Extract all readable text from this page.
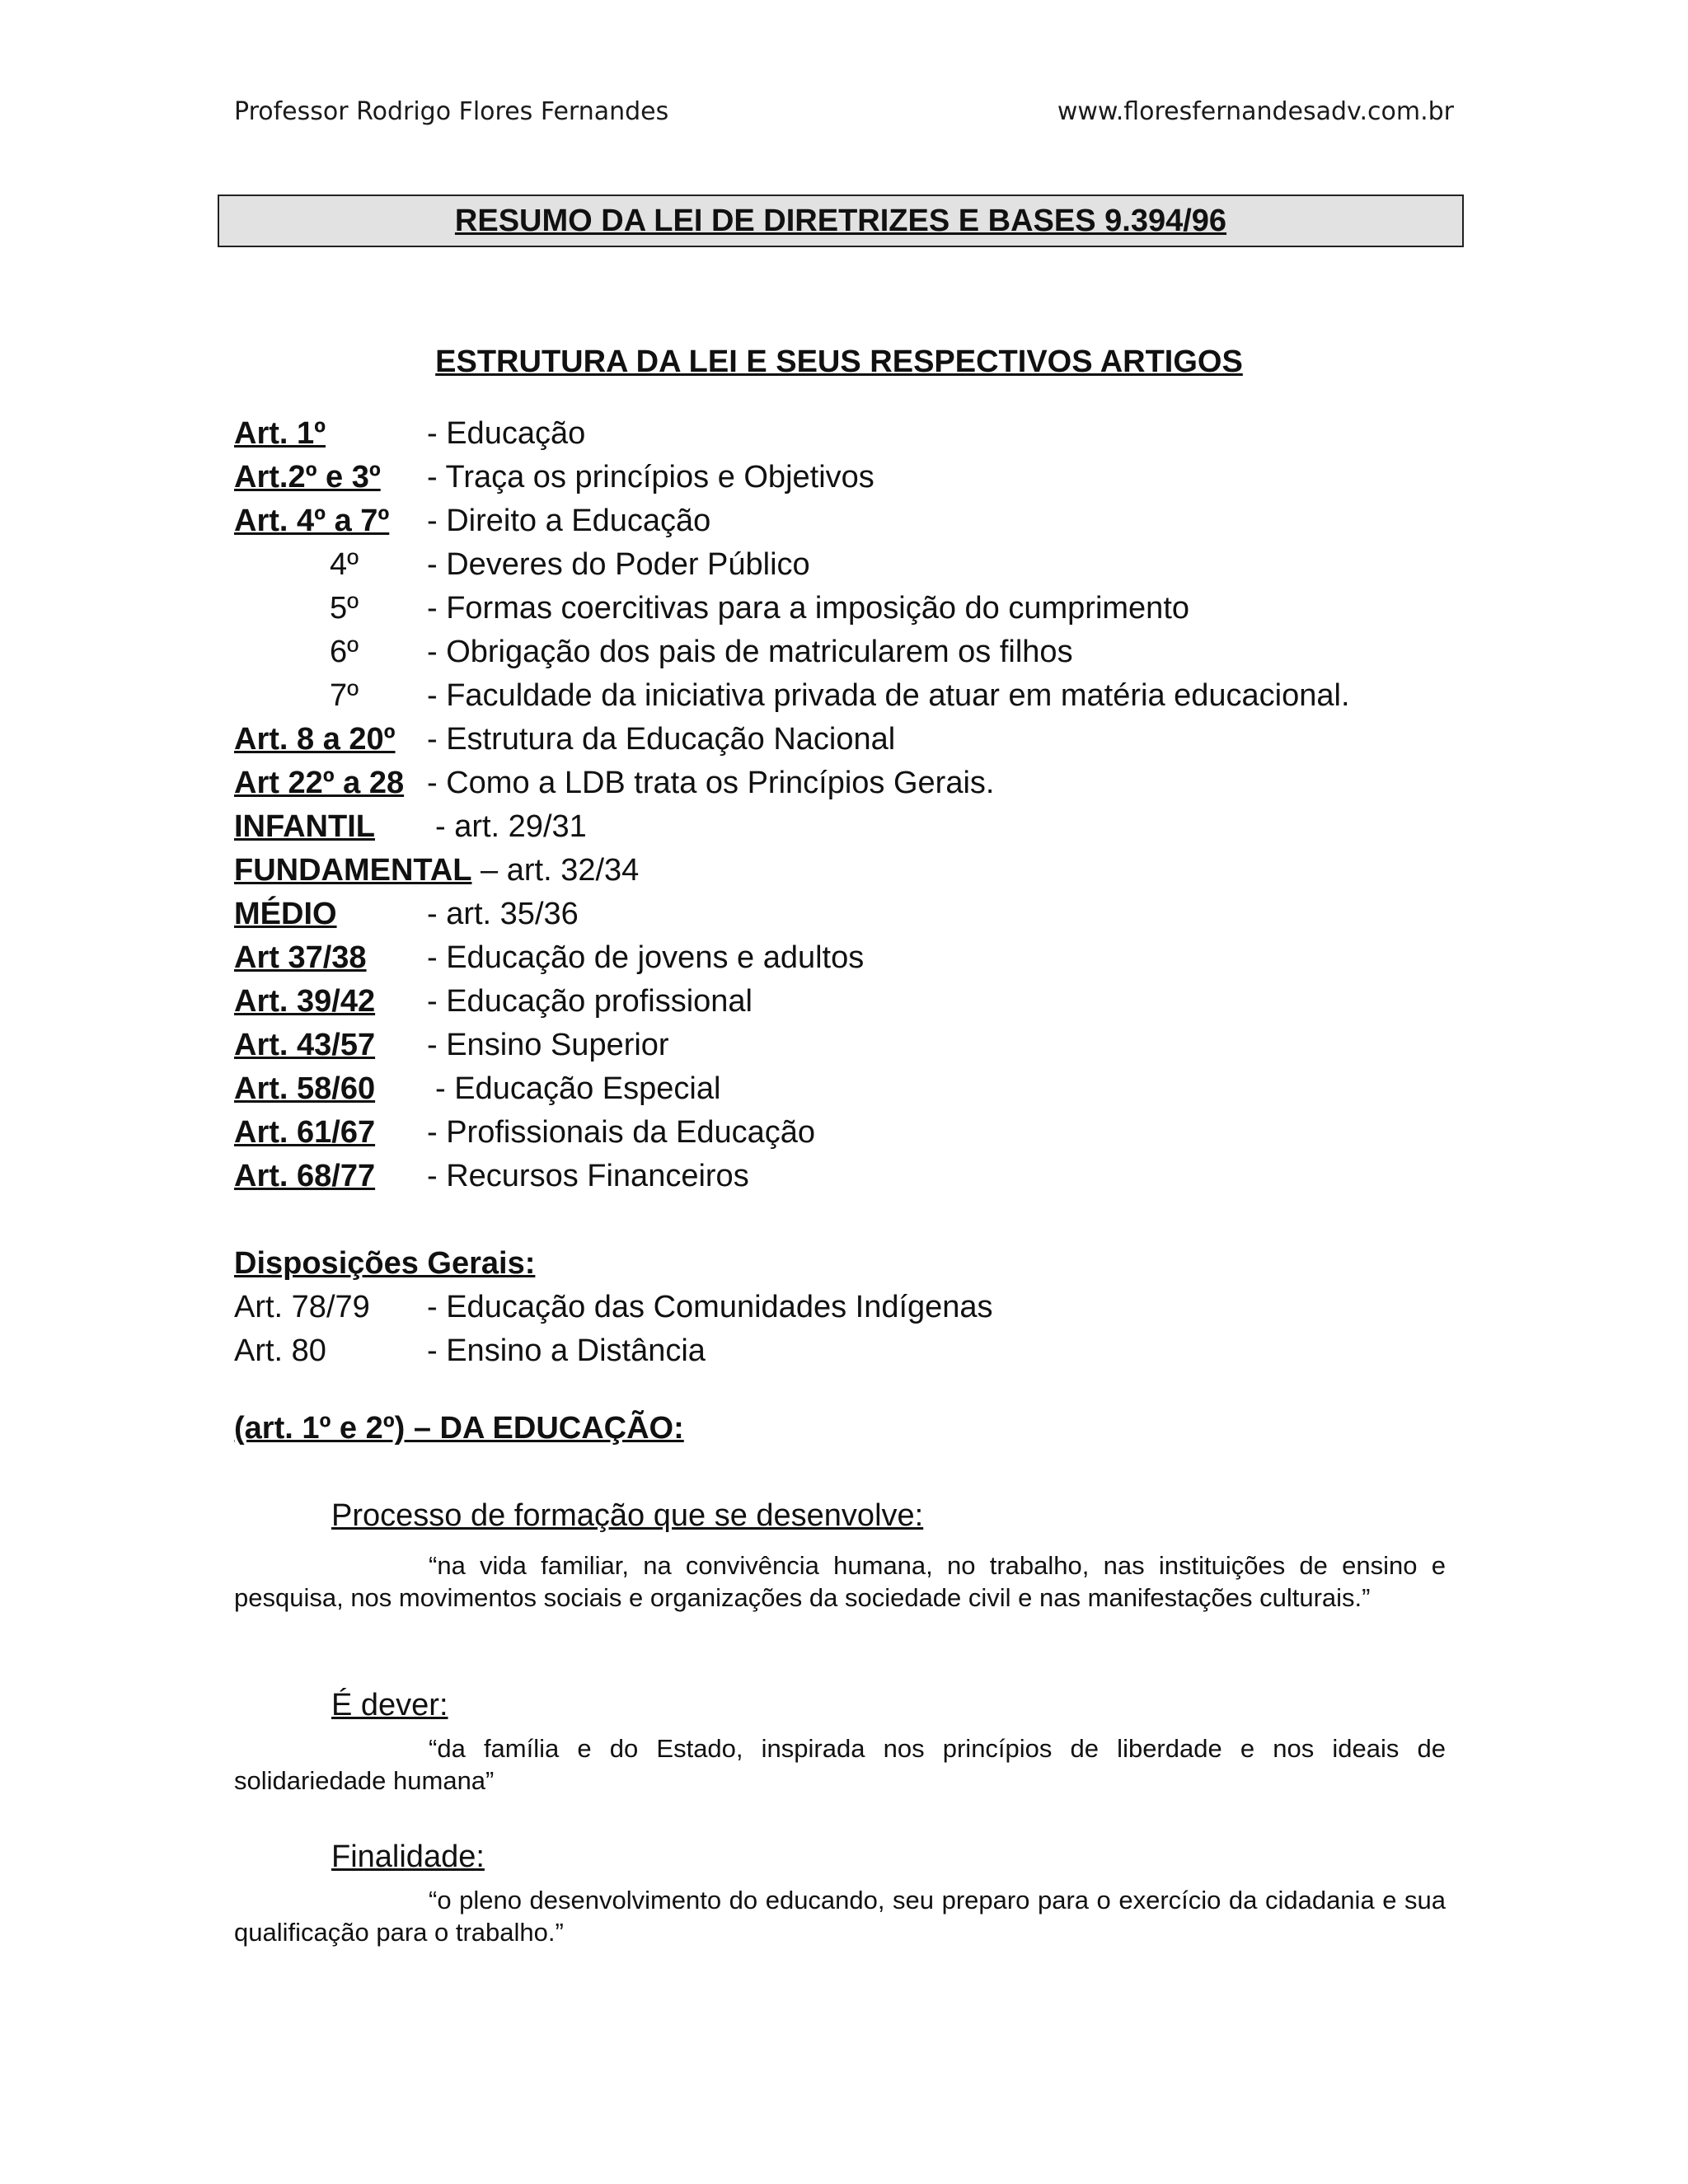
Professor Rodrigo Flores Fernandes	www.floresfernandesadv.com.br
RESUMO DA LEI DE DIRETRIZES E BASES 9.394/96
ESTRUTURA DA LEI E SEUS RESPECTIVOS ARTIGOS
Art. 1º	- Educação
Art.2º e 3º - Traça os princípios e Objetivos
Art. 4º a 7º - Direito a Educação
4º - Deveres do Poder Público
5º - Formas coercitivas para a imposição do cumprimento
6º - Obrigação dos pais de matricularem os filhos
7º - Faculdade da iniciativa privada de atuar em matéria educacional.
Art. 8 a 20º - Estrutura da Educação Nacional
Art 22º a 28 - Como a LDB trata os Princípios Gerais.
INFANTIL - art. 29/31
FUNDAMENTAL – art. 32/34
MÉDIO	- art. 35/36
Art 37/38 - Educação de jovens e adultos
Art. 39/42 - Educação profissional
Art. 43/57 - Ensino Superior
Art. 58/60 - Educação Especial
Art. 61/67 - Profissionais da Educação
Art. 68/77 - Recursos Financeiros
Disposições Gerais:
Art. 78/79 - Educação das Comunidades Indígenas
Art. 80	- Ensino a Distância
(art. 1º e 2º) – DA EDUCAÇÃO:
Processo de formação que se desenvolve:
“na vida familiar, na convivência humana, no trabalho, nas instituições de ensino e pesquisa, nos movimentos sociais e organizações da sociedade civil e nas manifestações culturais.”
É dever:
“da família e do Estado, inspirada nos princípios de liberdade e nos ideais de solidariedade humana”
Finalidade:
“o pleno desenvolvimento do educando, seu preparo para o exercício da cidadania e sua qualificação para o trabalho.”
